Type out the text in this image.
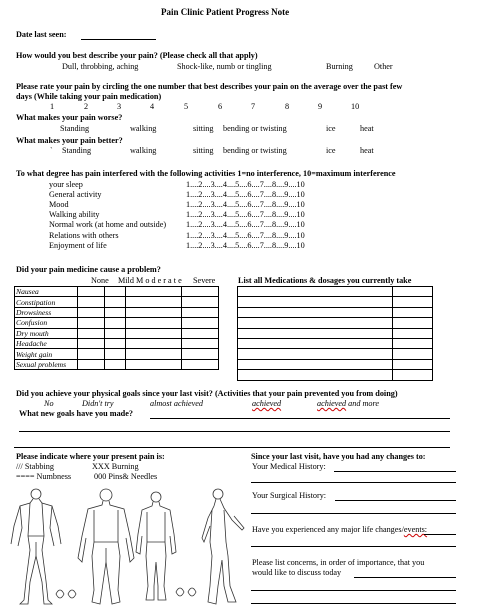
Pain Clinic Patient Progress Note
Date last seen:
How would you best describe your pain? (Please check all that apply)
Dull, throbbing, aching	Shock-like, numb or tingling	Burning	Other
Please rate your pain by circling the one number that best describes your pain on the average over the past few
days (While taking your pain medication)
1	2	3	4	5	6	7	8	9	10
What makes your pain worse?
Standing	walking	sitting bending or twisting	ice	heat
What makes your pain better?
` Standing	walking	sitting bending or twisting	ice	heat
To what degree has pain interfered with the following activities 1=no interference, 10=maximum interference
your sleep	1....2....3....4....5....6....7....8....9....10
General activity	1....2....3....4....5....6....7....8....9....10
Mood	1....2....3....4....5....6....7....8....9....10
Walking ability	1....2....3....4....5....6....7....8....9....10
Normal work (at home and outside) 1....2....3....4....5....6....7....8....9....10
Relations with others	1....2....3....4....5....6....7....8....9....10
Enjoyment of life	1....2....3....4....5....6....7....8....9....10
Did your pain medicine cause a problem?
None Mild M o d e r a t e Severe
Nausea				
Constipation				
Drowsiness				
Confusion				
Dry mouth				
Headache				
Weight gain				
Sexual problems				
List all Medications & dosages you currently take

Did you achieve your physical goals since your last visit? (Activities that your pain prevented you from doing)
No	Didn't try	almost achieved	achieved	achieved and more
What new goals have you made?
Please indicate where your present pain is:
/// Stabbing	XXX Burning
==== Numbness	000 Pins& Needles
Since your last visit, have you had any changes to:
Your Medical History:
Your Surgical History:
Have you experienced any major life changes/events:
Please list concerns, in order of importance, that you
would like to discuss today
